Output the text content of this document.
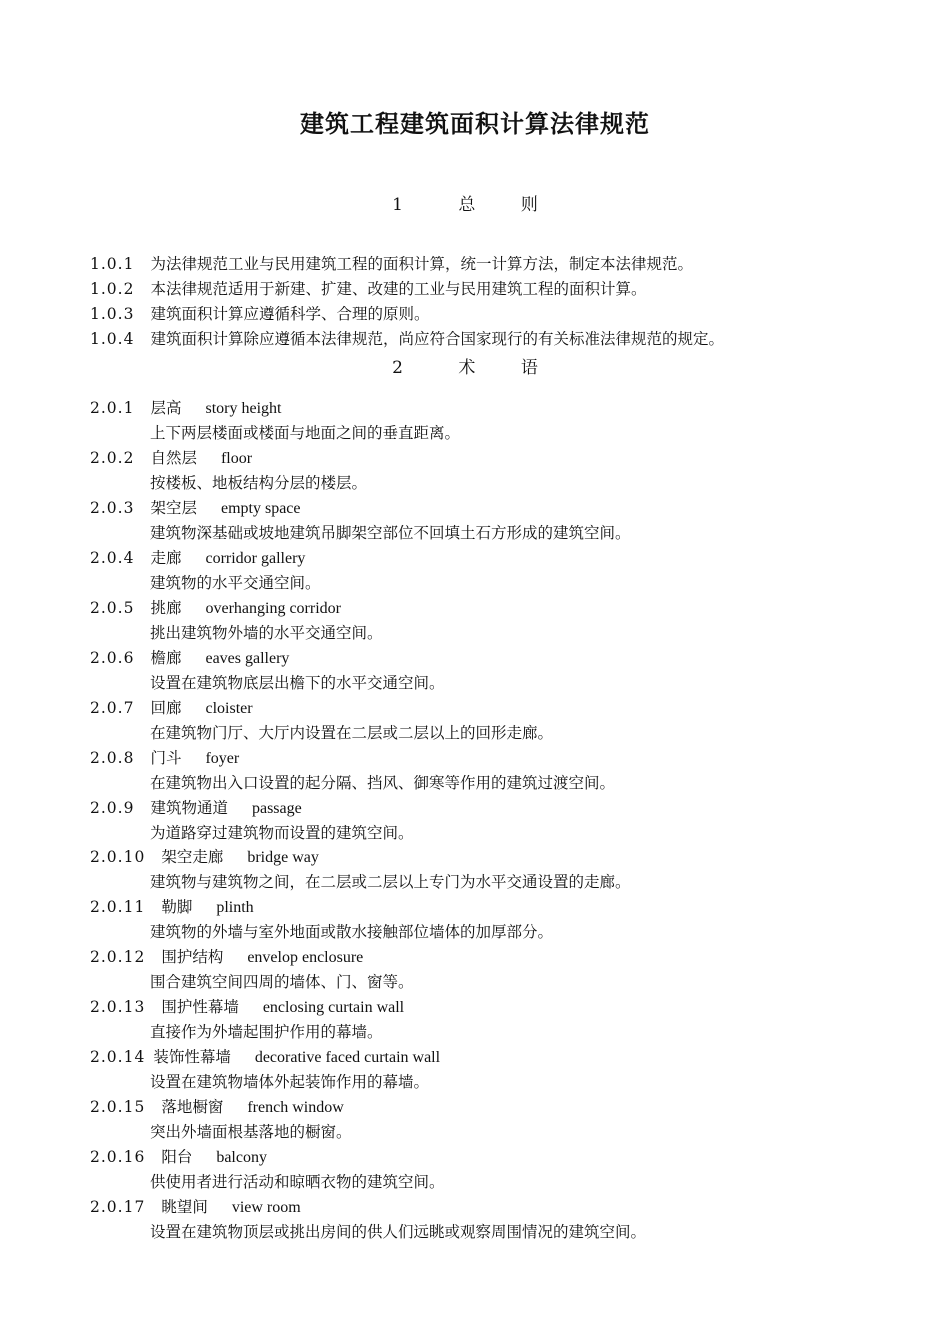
建筑工程建筑面积计算法律规范
1	总	则
1.0.1 为法律规范工业与民用建筑工程的面积计算，统一计算方法，制定本法律规范。
1.0.2 本法律规范适用于新建、扩建、改建的工业与民用建筑工程的面积计算。
1.0.3 建筑面积计算应遵循科学、合理的原则。
1.0.4 建筑面积计算除应遵循本法律规范，尚应符合国家现行的有关标准法律规范的规定。
2	术	语
2.0.1 层高 story height
上下两层楼面或楼面与地面之间的垂直距离。
2.0.2 自然层 floor
按楼板、地板结构分层的楼层。
2.0.3 架空层 empty space
建筑物深基础或坡地建筑吊脚架空部位不回填土石方形成的建筑空间。
2.0.4 走廊 corridor gallery
建筑物的水平交通空间。
2.0.5 挑廊 overhanging corridor
挑出建筑物外墙的水平交通空间。
2.0.6 檐廊 eaves gallery
设置在建筑物底层出檐下的水平交通空间。
2.0.7 回廊 cloister
在建筑物门厅、大厅内设置在二层或二层以上的回形走廊。
2.0.8 门斗 foyer
在建筑物出入口设置的起分隔、挡风、御寒等作用的建筑过渡空间。
2.0.9 建筑物通道 passage
为道路穿过建筑物而设置的建筑空间。
2.0.10 架空走廊 bridge way
建筑物与建筑物之间，在二层或二层以上专门为水平交通设置的走廊。
2.0.11 勒脚 plinth
建筑物的外墙与室外地面或散水接触部位墙体的加厚部分。
2.0.12 围护结构 envelop enclosure
围合建筑空间四周的墙体、门、窗等。
2.0.13 围护性幕墙 enclosing curtain wall
直接作为外墙起围护作用的幕墙。
2.0.14 装饰性幕墙 decorative faced curtain wall
设置在建筑物墙体外起装饰作用的幕墙。
2.0.15 落地橱窗 french window
突出外墙面根基落地的橱窗。
2.0.16 阳台 balcony
供使用者进行活动和晾晒衣物的建筑空间。
2.0.17 眺望间 view room
设置在建筑物顶层或挑出房间的供人们远眺或观察周围情况的建筑空间。
